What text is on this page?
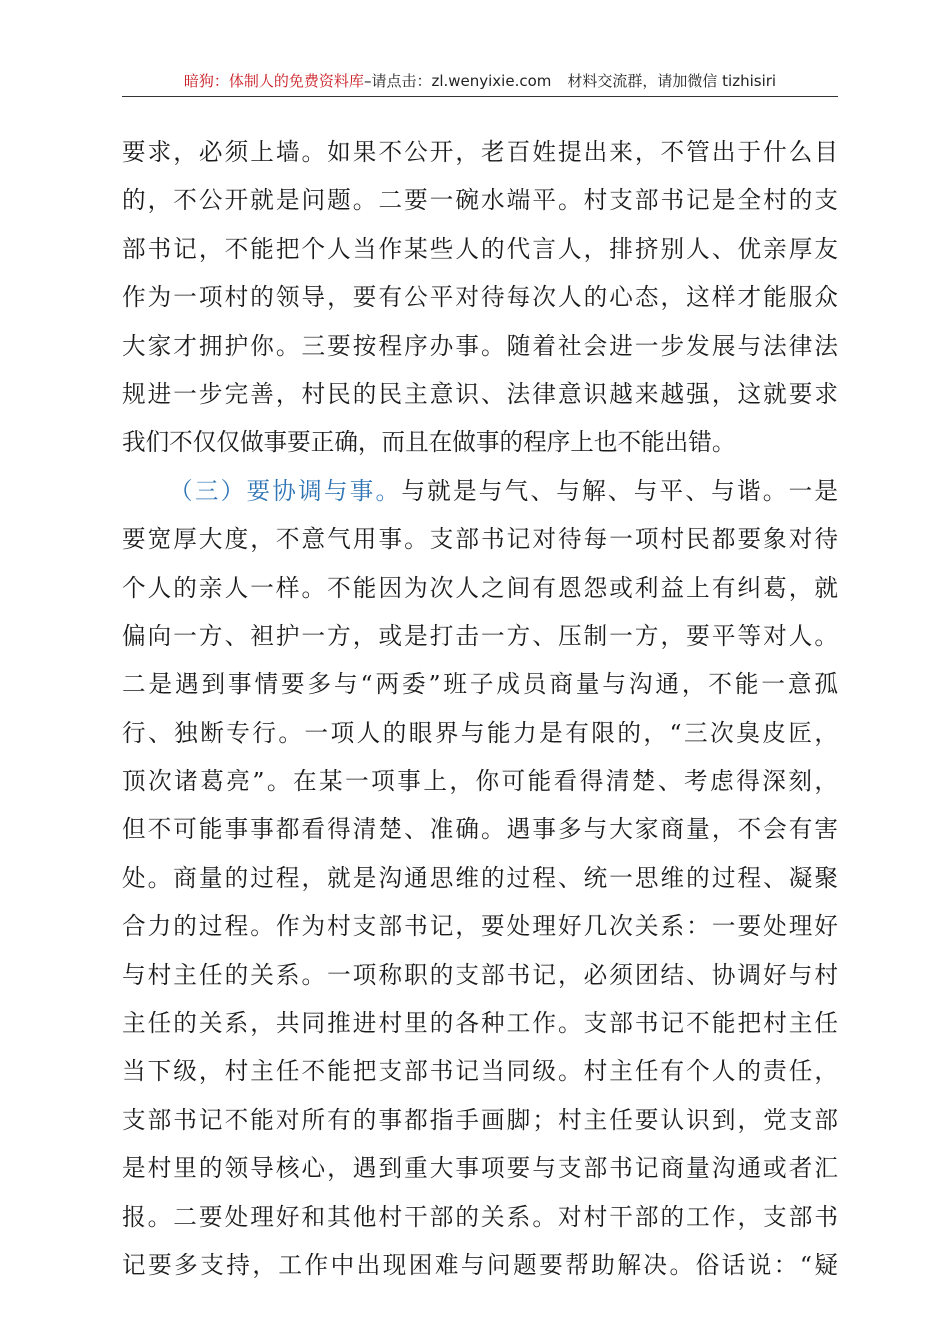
暗狗：体制人的免费资料库–请点击：zl.wenyixie.com 材料交流群，请加微信 tizhisiri
要求，必须上墙。如果不公开，老百姓提出来，不管出于什么目
的，不公开就是问题。二要一碗水端平。村支部书记是全村的支
部书记，不能把个人当作某些人的代言人，排挤别人、优亲厚友
作为一项村的领导，要有公平对待每次人的心态，这样才能服众
大家才拥护你。三要按程序办事。随着社会进一步发展与法律法
规进一步完善，村民的民主意识、法律意识越来越强，这就要求
我们不仅仅做事要正确，而且在做事的程序上也不能出错。
（三）要协调与事。与就是与气、与解、与平、与谐。一是
要宽厚大度，不意气用事。支部书记对待每一项村民都要象对待
个人的亲人一样。不能因为次人之间有恩怨或利益上有纠葛，就
偏向一方、袒护一方，或是打击一方、压制一方，要平等对人。
二是遇到事情要多与“两委”班子成员商量与沟通，不能一意孤
行、独断专行。一项人的眼界与能力是有限的，“三次臭皮匠，
顶次诸葛亮”。在某一项事上，你可能看得清楚、考虑得深刻，
但不可能事事都看得清楚、准确。遇事多与大家商量，不会有害
处。商量的过程，就是沟通思维的过程、统一思维的过程、凝聚
合力的过程。作为村支部书记，要处理好几次关系：一要处理好
与村主任的关系。一项称职的支部书记，必须团结、协调好与村
主任的关系，共同推进村里的各种工作。支部书记不能把村主任
当下级，村主任不能把支部书记当同级。村主任有个人的责任，
支部书记不能对所有的事都指手画脚；村主任要认识到，党支部
是村里的领导核心，遇到重大事项要与支部书记商量沟通或者汇
报。二要处理好和其他村干部的关系。对村干部的工作，支部书
记要多支持，工作中出现困难与问题要帮助解决。俗话说：“疑
